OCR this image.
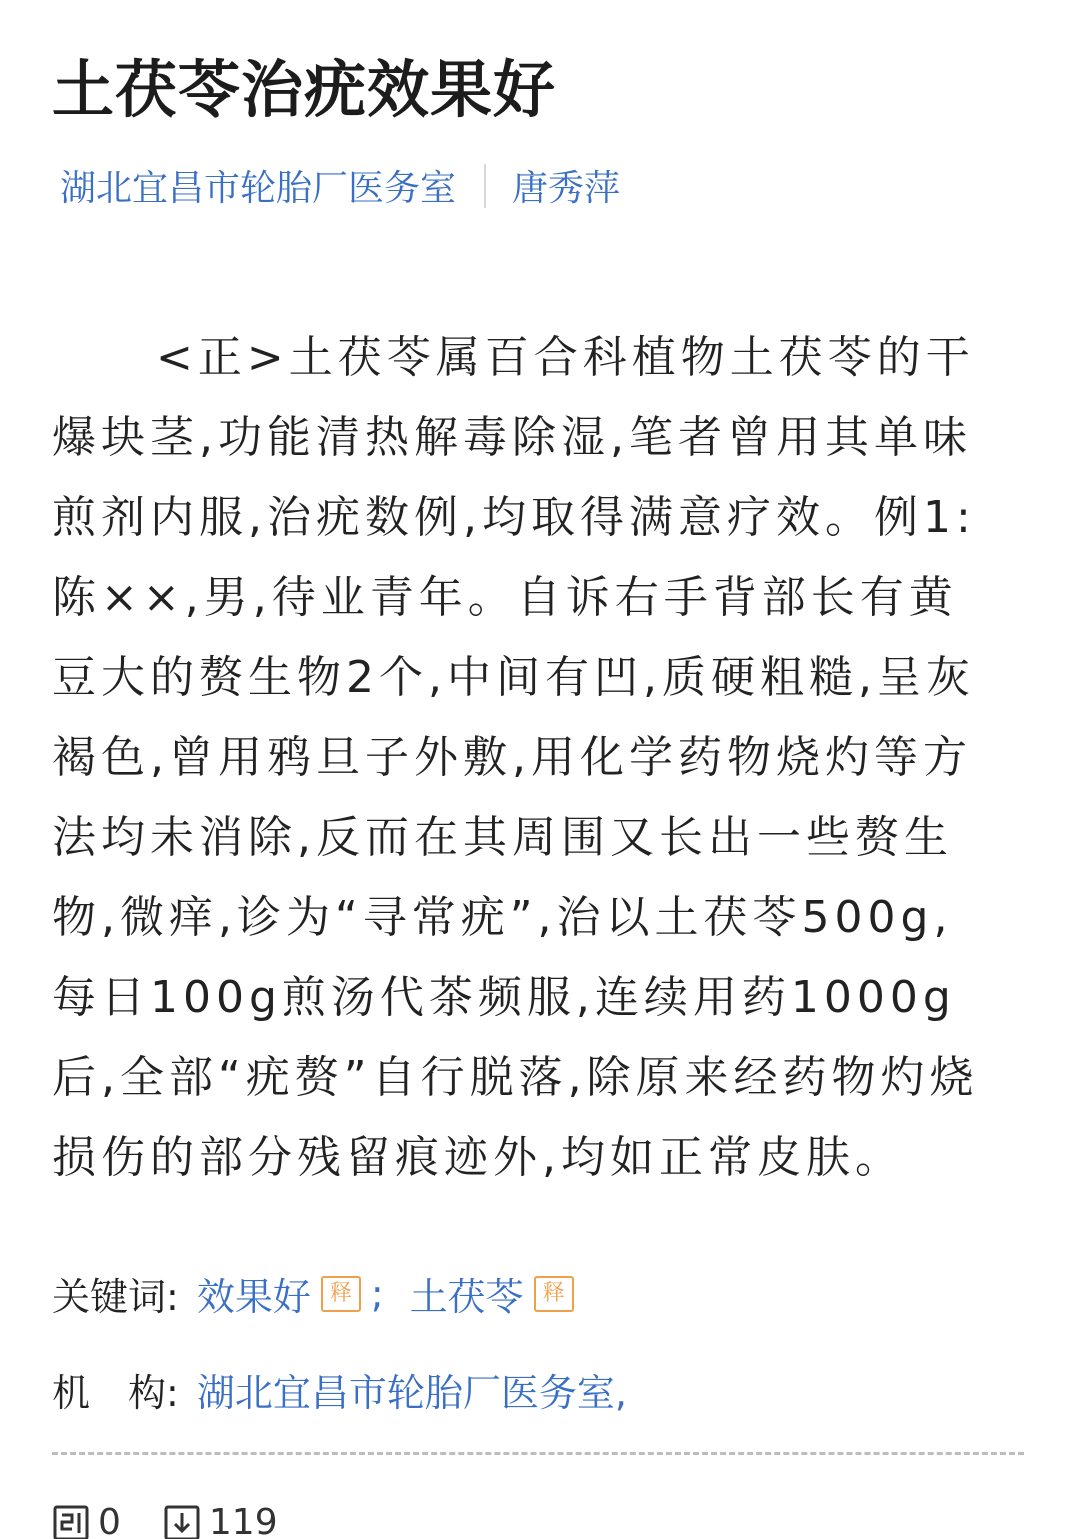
土茯苓治疣效果好
湖北宜昌市轮胎厂医务室 唐秀萍
<正>土茯苓属百合科植物土茯苓的干
爆块茎,功能清热解毒除湿,笔者曾用其单味
煎剂内服,治疣数例,均取得满意疗效。例1:
陈××,男,待业青年。自诉右手背部长有黄
豆大的赘生物2个,中间有凹,质硬粗糙,呈灰
褐色,曾用鸦旦子外敷,用化学药物烧灼等方
法均未消除,反而在其周围又长出一些赘生
物,微痒,诊为“寻常疣”,治以土茯苓500g,
每日100g煎汤代茶频服,连续用药1000g
后,全部“疣赘”自行脱落,除原来经药物灼烧
损伤的部分残留痕迹外,均如正常皮肤。
关键词: 效果好 释 ; 土茯苓 释
机　构: 湖北宜昌市轮胎厂医务室,
0 119
